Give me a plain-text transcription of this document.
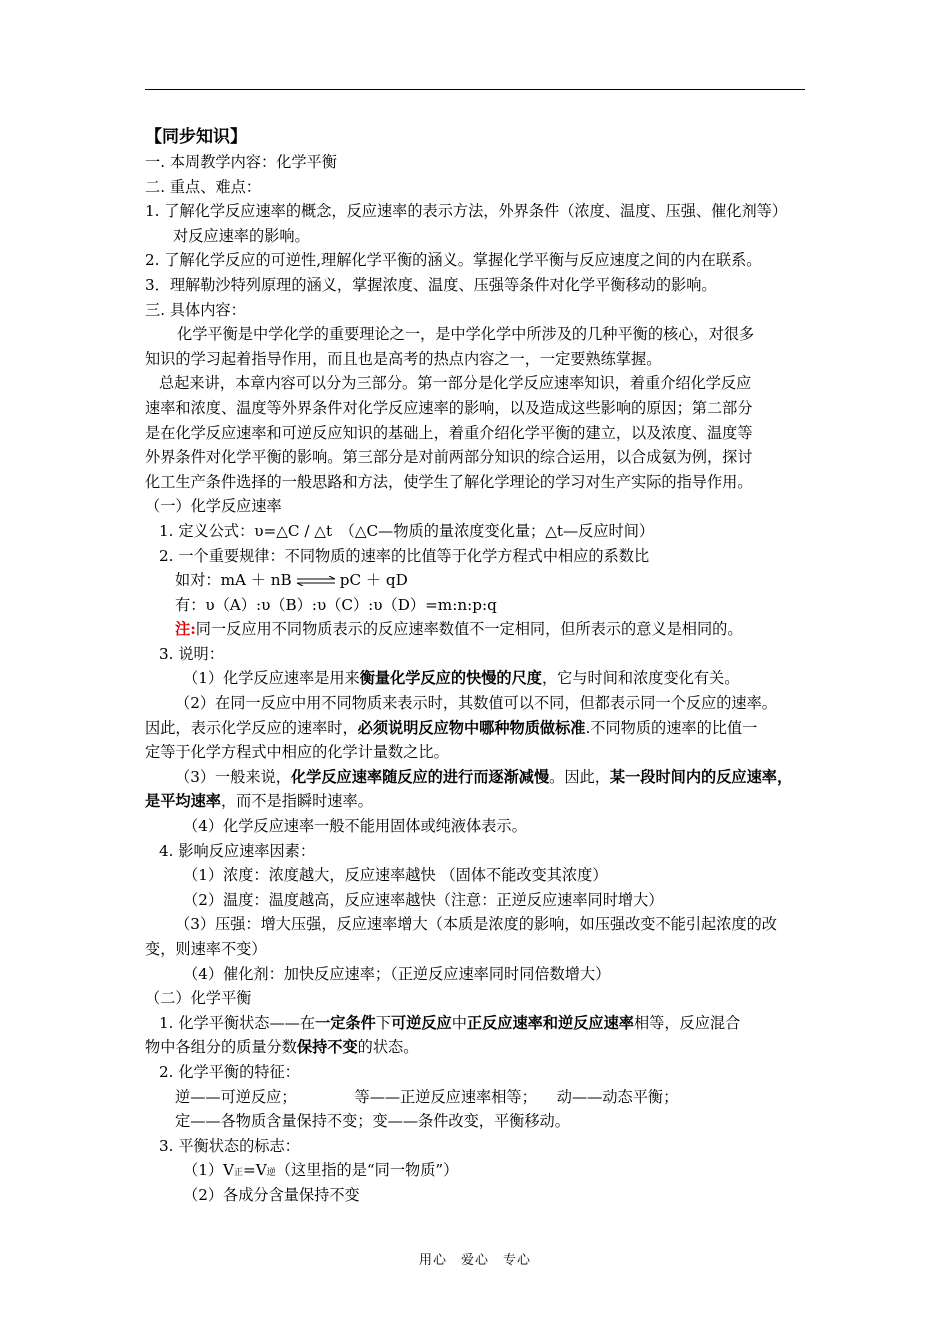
【同步知识】
一. 本周教学内容：化学平衡
二. 重点、难点：
1. 了解化学反应速率的概念，反应速率的表示方法，外界条件（浓度、温度、压强、催化剂等）
对反应速率的影响。
2. 了解化学反应的可逆性,理解化学平衡的涵义。掌握化学平衡与反应速度之间的内在联系。
3．理解勒沙特列原理的涵义，掌握浓度、温度、压强等条件对化学平衡移动的影响。
三. 具体内容：
化学平衡是中学化学的重要理论之一，是中学化学中所涉及的几种平衡的核心，对很多
知识的学习起着指导作用，而且也是高考的热点内容之一，一定要熟练掌握。
总起来讲，本章内容可以分为三部分。第一部分是化学反应速率知识，着重介绍化学反应
速率和浓度、温度等外界条件对化学反应速率的影响，以及造成这些影响的原因；第二部分
是在化学反应速率和可逆反应知识的基础上，着重介绍化学平衡的建立，以及浓度、温度等
外界条件对化学平衡的影响。第三部分是对前两部分知识的综合运用，以合成氨为例，探讨
化工生产条件选择的一般思路和方法，使学生了解化学理论的学习对生产实际的指导作用。
（一）化学反应速率
1. 定义公式：υ=△C / △t　（△C—物质的量浓度变化量；△t—反应时间）
2. 一个重要规律：不同物质的速率的比值等于化学方程式中相应的系数比
如对：mA ＋ nB ⇌ pC ＋ qD
有：υ（A）:υ（B）:υ（C）:υ（D）=m:n:p:q
注:同一反应用不同物质表示的反应速率数值不一定相同，但所表示的意义是相同的。
3. 说明：
（1）化学反应速率是用来衡量化学反应的快慢的尺度，它与时间和浓度变化有关。
（2）在同一反应中用不同物质来表示时，其数值可以不同，但都表示同一个反应的速率。
因此，表示化学反应的速率时，必须说明反应物中哪种物质做标准.不同物质的速率的比值一
定等于化学方程式中相应的化学计量数之比。
（3）一般来说，化学反应速率随反应的进行而逐渐减慢。因此，某一段时间内的反应速率，
是平均速率，而不是指瞬时速率。
（4）化学反应速率一般不能用固体或纯液体表示。
4. 影响反应速率因素：
（1）浓度：浓度越大，反应速率越快 （固体不能改变其浓度）
（2）温度：温度越高，反应速率越快（注意：正逆反应速率同时增大）
（3）压强：增大压强，反应速率增大（本质是浓度的影响，如压强改变不能引起浓度的改
变，则速率不变）
（4）催化剂：加快反应速率；（正逆反应速率同时同倍数增大）
（二）化学平衡
1. 化学平衡状态——在一定条件下可逆反应中正反应速率和逆反应速率相等，反应混合
物中各组分的质量分数保持不变的状态。
2. 化学平衡的特征：
逆——可逆反应；	等——正逆反应速率相等； 动——动态平衡；
定——各物质含量保持不变；变——条件改变，平衡移动。
3. 平衡状态的标志：
（1）V正=V逆（这里指的是“同一物质”）
（2）各成分含量保持不变
用心　爱心　专心
